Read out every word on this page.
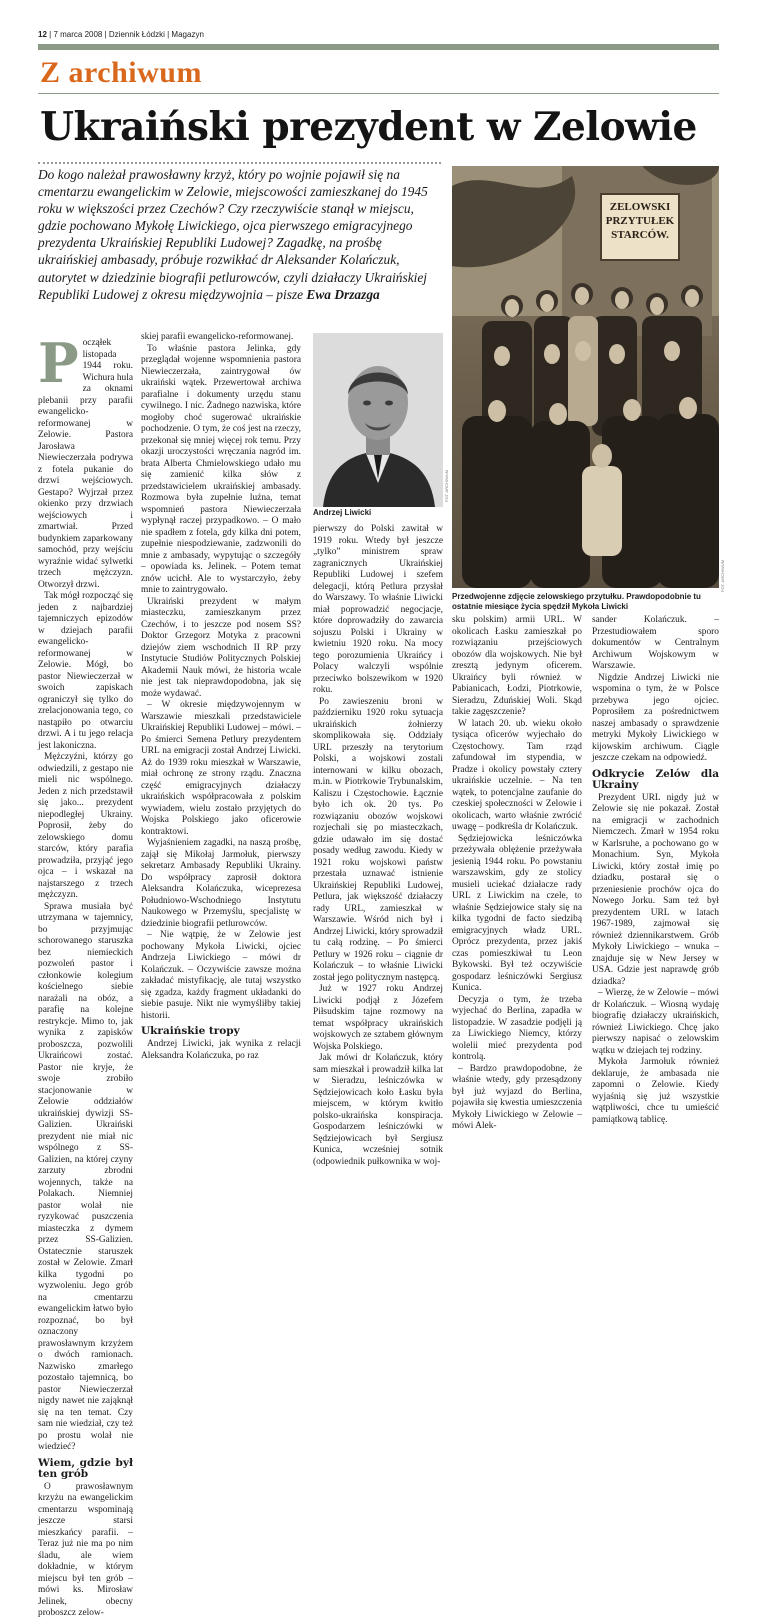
12 | 7 marca 2008 | Dziennik Łódzki | Magazyn
Z archiwum
Ukraiński prezydent w Zelowie
Do kogo należał prawosławny krzyż, który po wojnie pojawił się na cmentarzu ewangelickim w Zelowie, miejscowości zamieszkanej do 1945 roku w większości przez Czechów? Czy rzeczywiście stanął w miejscu, gdzie pochowano Mykołę Liwickiego, ojca pierwszego emigracyjnego prezydenta Ukraińskiej Republiki Ludowej? Zagadkę, na prośbę ukraińskiej ambasady, próbuje rozwikłać dr Aleksander Kolańczuk, autorytet w dziedzinie biografii petlurowców, czyli działaczy Ukraińskiej Republiki Ludowej z okresu międzywojnia – pisze Ewa Drzazga
P ocząłek listopada 1944 roku. Wichura hula za oknami plebanii przy parafii ewangelicko-reformowanej w Zelowie. Pastora Jarosława Niewieczerzała podrywa z fotela pukanie do drzwi wejściowych. Gestapo? Wyjrzał przez okienko przy drzwiach wejściowych i zmartwiał. Przed budynkiem zaparkowany samochód, przy wejściu wyraźnie widać sylwetki trzech mężczyzn. Otworzył drzwi.

Tak mógł rozpocząć się jeden z najbardziej tajemniczych epizodów w dziejach parafii ewangelicko-reformowanej w Zelowie. Mógł, bo pastor Niewieczerzał w swoich zapiskach ograniczył się tylko do zrelacjonowania tego, co nastąpiło po otwarciu drzwi. A i tu jego relacja jest lakoniczna.

Mężczyźni, którzy go odwiedzili, z gestapo nie mieli nic wspólnego. Jeden z nich przedstawił się jako... prezydent niepodległej Ukrainy. Poprosił, żeby do zelowskiego domu starców, który parafia prowadziła, przyjąć jego ojca – i wskazał na najstarszego z trzech mężczyzn.

Sprawa musiała być utrzymana w tajemnicy, bo przyjmując schorowanego staruszka bez niemieckich pozwoleń pastor i członkowie kolegium kościelnego siebie narażali na obóz, a parafię na kolejne restrykcje. Mimo to, jak wynika z zapisków proboszcza, pozwolili Ukraińcowi zostać. Pastor nie kryje, że swoje zrobiło stacjonowanie w Zelowie oddziałów ukraińskiej dywizji SS-Galizien. Ukraiński prezydent nie miał nic wspólnego z SS-Galizien, na której czyny zarzuty zbrodni wojennych, także na Polakach. Niemniej pastor wolał nie ryzykować puszczenia miasteczka z dymem przez SS-Galizien. Ostatecznie staruszek został w Zelowie. Zmarł kilka tygodni po wyzwoleniu. Jego grób na cmentarzu ewangelickim łatwo było rozpoznać, bo był oznaczony prawosławnym krzyżem o dwóch ramionach. Nazwisko zmarłego pozostało tajemnicą, bo pastor Niewieczerzał nigdy nawet nie zająknął się na ten temat. Czy sam nie wiedział, czy też po prostu wolał nie wiedzieć?

Wiem, gdzie był ten grób

O prawosławnym krzyżu na ewangelickim cmentarzu wspominają jeszcze starsi mieszkańcy parafii. – Teraz już nie ma po nim śladu, ale wiem dokładnie, w którym miejscu był ten grób – mówi ks. Mirosław Jelinek, obecny proboszcz zelow-

skiej parafii ewangelicko-reformowanej.

To właśnie pastora Jelinka, gdy przeglądał wojenne wspomnienia pastora Niewieczerzała, zaintrygował ów ukraiński wątek. Przewertował archiwa parafialne i dokumenty urzędu stanu cywilnego. I nic. Żadnego nazwiska, które mogłoby choć sugerować ukraińskie pochodzenie. O tym, że coś jest na rzeczy, przekonał się mniej więcej rok temu. Przy okazji uroczystości wręczania nagród im. brata Alberta Chmielowskiego udało mu się zamienić kilka słów z przedstawicielem ukraińskiej ambasady. Rozmowa była zupełnie luźna, temat wspomnień pastora Niewieczerzała wypłynął raczej przypadkowo. – O mało nie spadłem z fotela, gdy kilka dni potem, zupełnie niespodziewanie, zadzwonili do mnie z ambasady, wypytując o szczegóły – opowiada ks. Jelinek. – Potem temat znów ucichł. Ale to wystarczyło, żeby mnie to zaintrygowało.

Ukraiński prezydent w małym miasteczku, zamieszkanym przez Czechów, i to jeszcze pod nosem SS? Doktor Grzegorz Motyka z pracowni dziejów ziem wschodnich II RP przy Instytucie Studiów Politycznych Polskiej Akademii Nauk mówi, że historia wcale nie jest tak nieprawdopodobna, jak się może wydawać.

– W okresie międzywojennym w Warszawie mieszkali przedstawiciele Ukraińskiej Republiki Ludowej – mówi. – Po śmierci Semena Petlury prezydentem URL na emigracji został Andrzej Liwicki. Aż do 1939 roku mieszkał w Warszawie, miał ochronę ze strony rządu. Znaczna część emigracyjnych działaczy ukraińskich współpracowała z polskim wywiadem, wielu zostało przyjętych do Wojska Polskiego jako oficerowie kontraktowi.

Wyjaśnieniem zagadki, na naszą prośbę, zajął się Mikołaj Jarmołuk, pierwszy sekretarz Ambasady Republiki Ukrainy. Do współpracy zaprosił doktora Aleksandra Kolańczuka, wiceprezesa Południowo-Wschodniego Instytutu Naukowego w Przemyślu, specjalistę w dziedzinie biografii petlurowców.

– Nie wątpię, że w Zelowie jest pochowany Mykoła Liwicki, ojciec Andrzeja Liwickiego – mówi dr Kolańczuk. – Oczywiście zawsze można zakładać mistyfikację, ale tutaj wszystko się zgadza, każdy fragment układanki do siebie pasuje. Nikt nie wymyśliłby takiej historii.

Ukraińskie tropy

Andrzej Liwicki, jak wynika z relacji Aleksandra Kolańczuka, po raz

FOT. ARCHIWUM
Andrzej Liwicki

pierwszy do Polski zawitał w 1919 roku. Wtedy był jeszcze „tylko” ministrem spraw zagranicznych Ukraińskiej Republiki Ludowej i szefem delegacji, którą Petlura przysłał do Warszawy. To właśnie Liwicki miał poprowadzić negocjacje, które doprowadziły do zawarcia sojuszu Polski i Ukrainy w kwietniu 1920 roku. Na mocy tego porozumienia Ukraińcy i Polacy walczyli wspólnie przeciwko bolszewikom w 1920 roku.

Po zawieszeniu broni w październiku 1920 roku sytuacja ukraińskich żołnierzy skomplikowała się. Oddziały URL przeszły na terytorium Polski, a wojskowi zostali internowani w kilku obozach, m.in. w Piotrkowie Trybunalskim, Kaliszu i Częstochowie. Łącznie było ich ok. 20 tys. Po rozwiązaniu obozów wojskowi rozjechali się po miasteczkach, gdzie udawało im się dostać posady według zawodu. Kiedy w 1921 roku wojskowi państw przestała uznawać istnienie Ukraińskiej Republiki Ludowej, Petlura, jak większość działaczy rady URL, zamieszkał w Warszawie. Wśród nich był i Andrzej Liwicki, który sprowadził tu całą rodzinę. – Po śmierci Petlury w 1926 roku – ciągnie dr Kolańczuk – to właśnie Liwicki został jego politycznym następcą.

Już w 1927 roku Andrzej Liwicki podjął z Józefem Piłsudskim tajne rozmowy na temat współpracy ukraińskich wojskowych ze sztabem głównym Wojska Polskiego.

Jak mówi dr Kolańczuk, który sam mieszkał i prowadził kilka lat w Sieradzu, leśniczówka w Sędziejowicach koło Łasku była miejscem, w którym kwitło polsko-ukraińska konspiracja. Gospodarzem leśniczówki w Sędziejowicach był Sergiusz Kunica, wcześniej sotnik (odpowiednik pułkownika w woj-

ZELOWSKI PRZYTUŁEK STARCÓW.
FOT. ARCHIWUM
Przedwojenne zdjęcie zelowskiego przytułku. Prawdopodobnie tu ostatnie miesiące życia spędził Mykoła Liwicki

sku polskim) armii URL. W okolicach Łasku zamieszkał po rozwiązaniu przejściowych obozów dla wojskowych. Nie był zresztą jedynym oficerem. Ukraińcy byli również w Pabianicach, Łodzi, Piotrkowie, Sieradzu, Zduńskiej Woli. Skąd takie zagęszczenie?

W latach 20. ub. wieku około tysiąca oficerów wyjechało do Częstochowy. Tam rząd zafundował im stypendia, w Pradze i okolicy powstały cztery ukraińskie uczelnie. – Na ten wątek, to potencjalne zaufanie do czeskiej społeczności w Zelowie i okolicach, warto właśnie zwrócić uwagę – podkreśla dr Kolańczuk.

Sędziejowicka leśniczówka przeżywała oblężenie przeżywała jesienią 1944 roku. Po powstaniu warszawskim, gdy ze stolicy musieli uciekać działacze rady URL z Liwickim na czele, to właśnie Sędziejowice stały się na kilka tygodni de facto siedzibą emigracyjnych władz URL. Oprócz prezydenta, przez jakiś czas pomieszkiwał tu Leon Bykowski. Był też oczywiście gospodarz leśniczówki Sergiusz Kunica.

Decyzja o tym, że trzeba wyjechać do Berlina, zapadła w listopadzie. W zasadzie podjęli ją za Liwickiego Niemcy, którzy wolelii mieć prezydenta pod kontrolą.

– Bardzo prawdopodobne, że właśnie wtedy, gdy przesądzony był już wyjazd do Berlina, pojawiła się kwestia umieszczenia Mykoły Liwickiego w Zelowie – mówi Alek-

sander Kolańczuk. – Przestudiowałem sporo dokumentów w Centralnym Archiwum Wojskowym w Warszawie.

Nigdzie Andrzej Liwicki nie wspomina o tym, że w Polsce przebywa jego ojciec. Poprosiłem za pośrednictwem naszej ambasady o sprawdzenie metryki Mykoły Liwickiego w kijowskim archiwum. Ciągle jeszcze czekam na odpowiedź.

Odkrycie Zelów dla Ukrainy

Prezydent URL nigdy już w Zelowie się nie pokazał. Został na emigracji w zachodnich Niemczech. Zmarł w 1954 roku w Karlsruhe, a pochowano go w Monachium. Syn, Mykoła Liwicki, który został imię po dziadku, postarał się o przeniesienie prochów ojca do Nowego Jorku. Sam też był prezydentem URL w latach 1967-1989, zajmował się również dziennikarstwem. Grób Mykoły Liwickiego – wnuka – znajduje się w New Jersey w USA. Gdzie jest naprawdę grób dziadka?

– Wierzę, że w Zelowie – mówi dr Kolańczuk. – Wiosną wydaję biografię działaczy ukraińskich, również Liwickiego. Chcę jako pierwszy napisać o zelowskim wątku w dziejach tej rodziny.

Mykoła Jarmołuk również deklaruje, że ambasada nie zapomni o Zelowie. Kiedy wyjaśnią się już wszystkie wątpliwości, chce tu umieścić pamiątkową tablicę.
